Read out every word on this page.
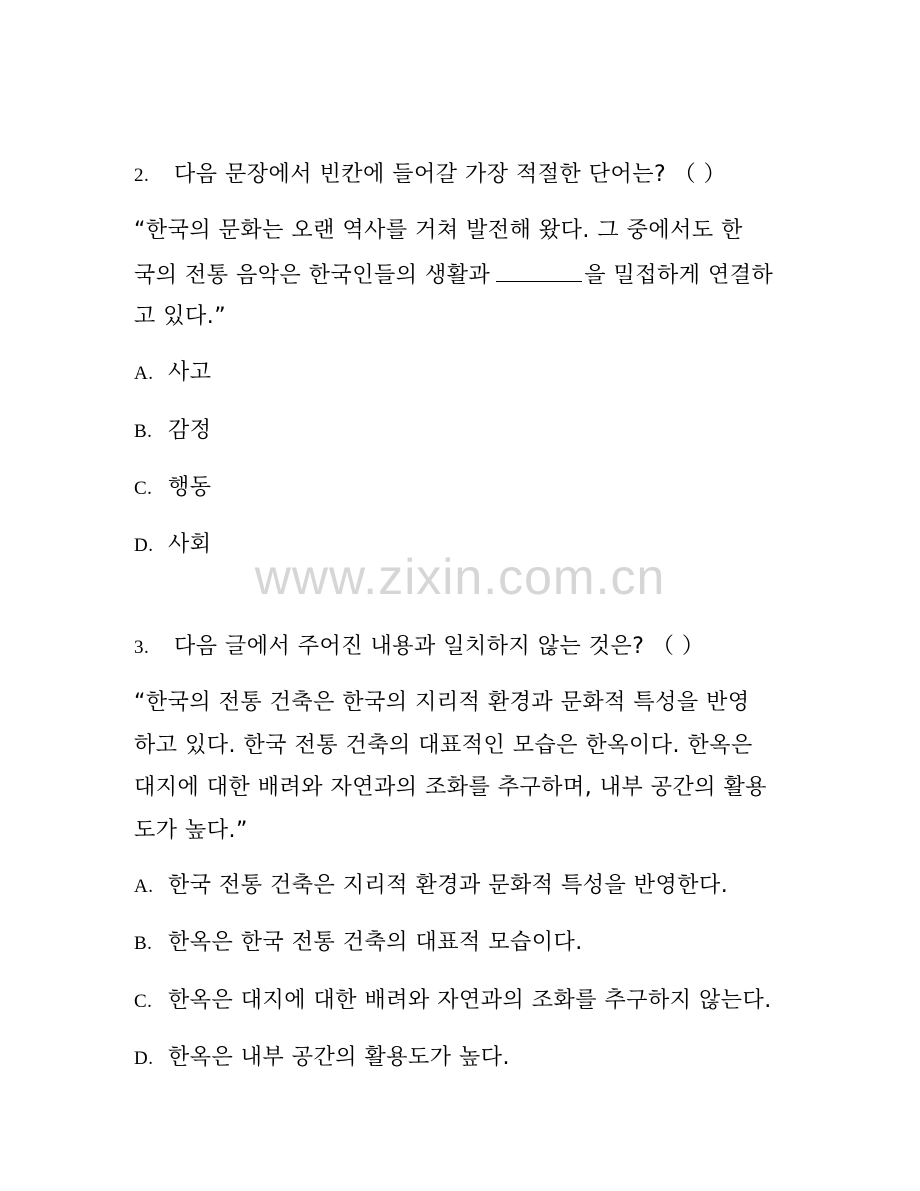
2. 다음 문장에서 빈칸에 들어갈 가장 적절한 단어는? （ ）
“한국의 문화는 오랜 역사를 거쳐 발전해 왔다. 그 중에서도 한
국의 전통 음악은 한국인들의 생활과	을 밀접하게 연결하
고 있다.”
A. 사고
B. 감정
C. 행동
D. 사회
www.zixin.com.cn
3. 다음 글에서 주어진 내용과 일치하지 않는 것은? （ ）
“한국의 전통 건축은 한국의 지리적 환경과 문화적 특성을 반영
하고 있다. 한국 전통 건축의 대표적인 모습은 한옥이다. 한옥은
대지에 대한 배려와 자연과의 조화를 추구하며, 내부 공간의 활용
도가 높다.”
A. 한국 전통 건축은 지리적 환경과 문화적 특성을 반영한다.
B. 한옥은 한국 전통 건축의 대표적 모습이다.
C. 한옥은 대지에 대한 배려와 자연과의 조화를 추구하지 않는다.
D. 한옥은 내부 공간의 활용도가 높다.
